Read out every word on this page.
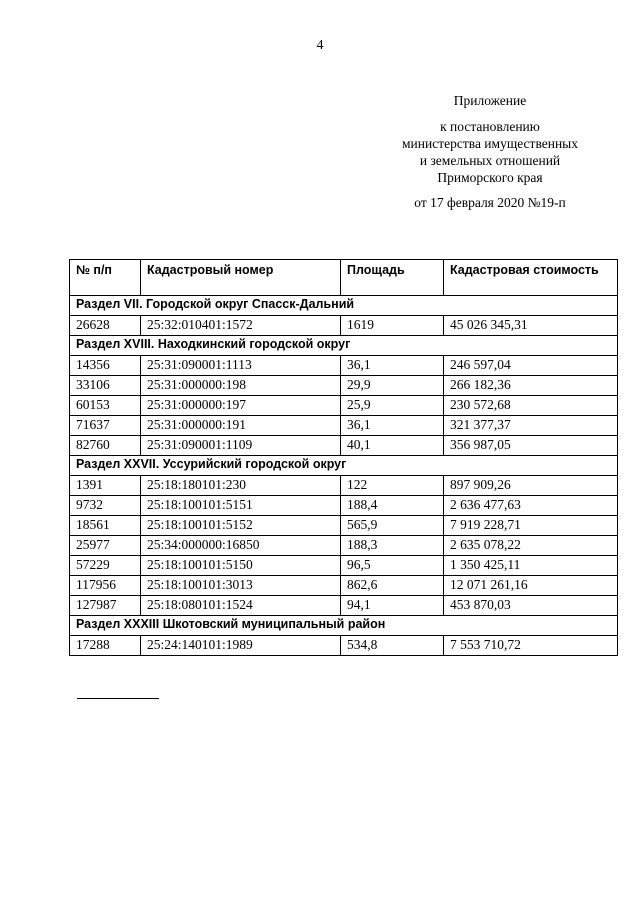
4
Приложение
к постановлению
министерства имущественных
и земельных отношений
Приморского края
от 17 февраля 2020 №19-п
№ п/п	Кадастровый номер	Площадь	Кадастровая стоимость
Раздел VII. Городской округ Спасск-Дальний			
26628	25:32:010401:1572	1619	45 026 345,31
Раздел XVIII. Находкинский городской округ			
14356	25:31:090001:1113	36,1	246 597,04
33106	25:31:000000:198	29,9	266 182,36
60153	25:31:000000:197	25,9	230 572,68
71637	25:31:000000:191	36,1	321 377,37
82760	25:31:090001:1109	40,1	356 987,05
Раздел XXVII. Уссурийский городской округ			
1391	25:18:180101:230	122	897 909,26
9732	25:18:100101:5151	188,4	2 636 477,63
18561	25:18:100101:5152	565,9	7 919 228,71
25977	25:34:000000:16850	188,3	2 635 078,22
57229	25:18:100101:5150	96,5	1 350 425,11
117956	25:18:100101:3013	862,6	12 071 261,16
127987	25:18:080101:1524	94,1	453 870,03
Раздел XXXIII Шкотовский муниципальный район			
17288	25:24:140101:1989	534,8	7 553 710,72
